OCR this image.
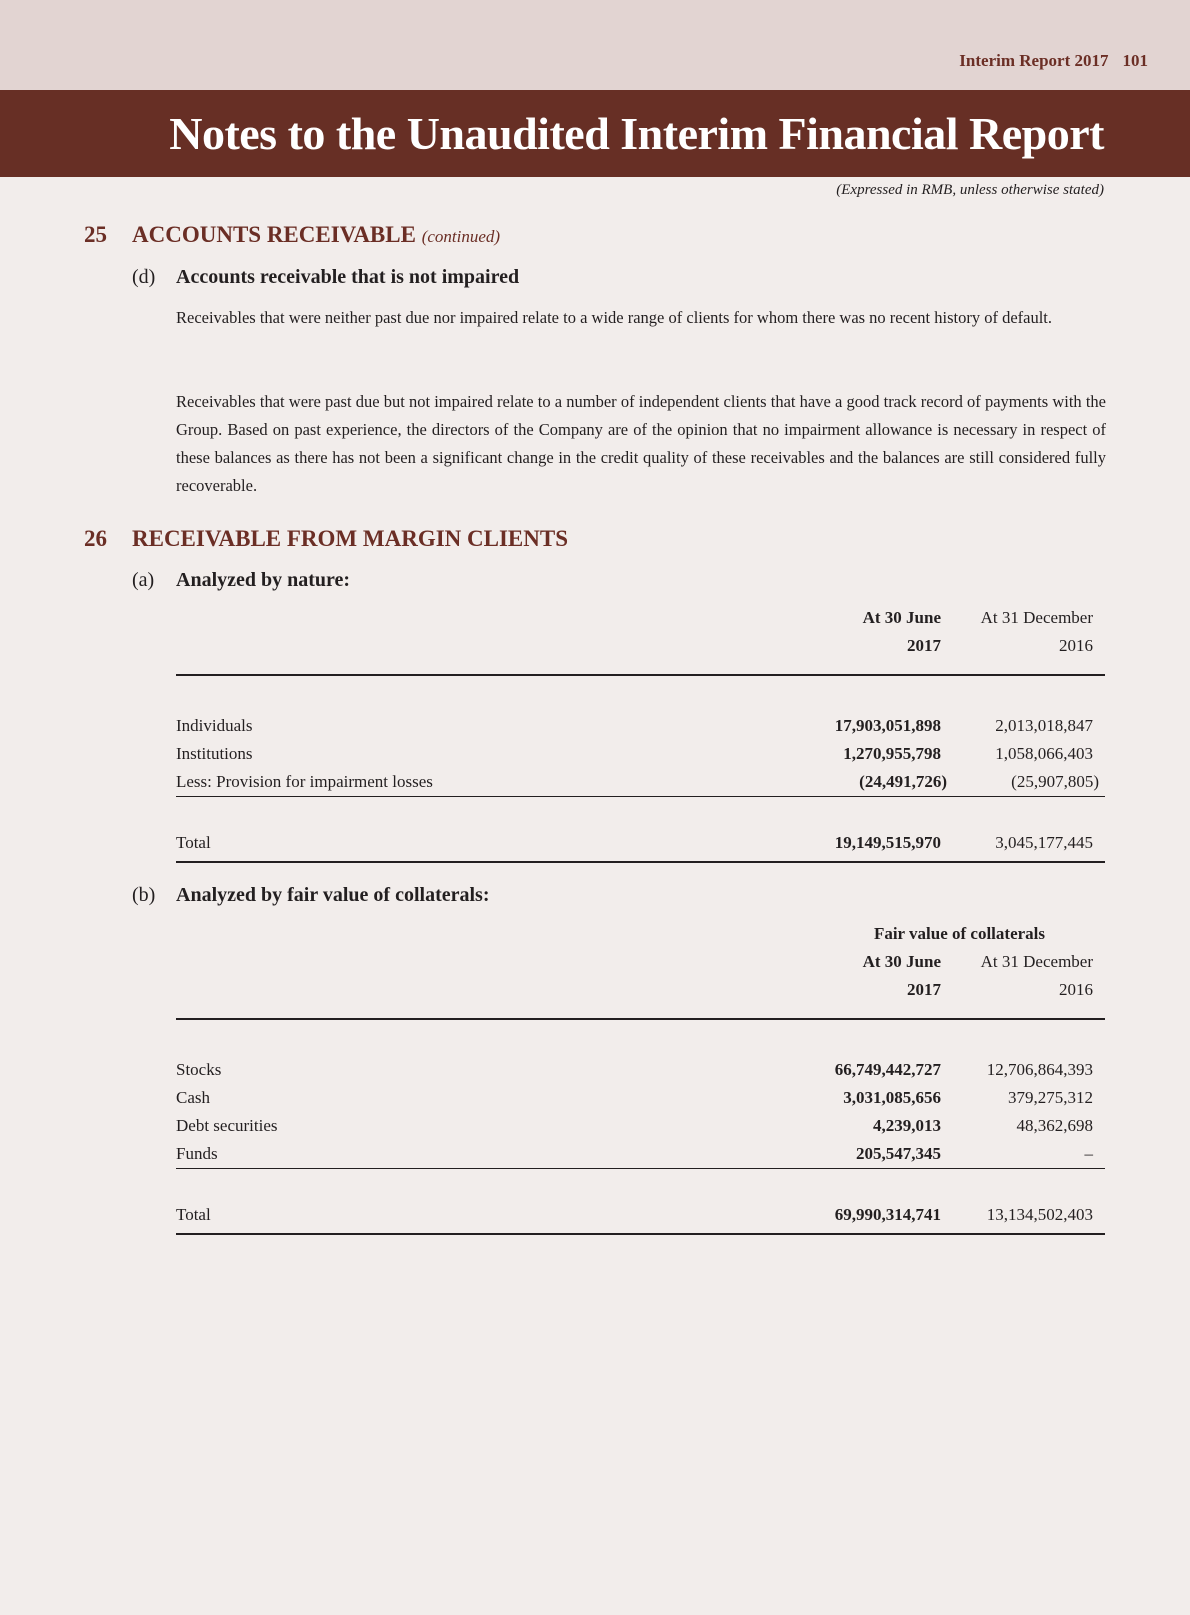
Interim Report 2017 101
Notes to the Unaudited Interim Financial Report
(Expressed in RMB, unless otherwise stated)
25 ACCOUNTS RECEIVABLE (continued)
(d) Accounts receivable that is not impaired
Receivables that were neither past due nor impaired relate to a wide range of clients for whom there was no recent history of default.
Receivables that were past due but not impaired relate to a number of independent clients that have a good track record of payments with the Group. Based on past experience, the directors of the Company are of the opinion that no impairment allowance is necessary in respect of these balances as there has not been a significant change in the credit quality of these receivables and the balances are still considered fully recoverable.
26 RECEIVABLE FROM MARGIN CLIENTS
(a) Analyzed by nature:
At 30 June	At 31 December
2017	2016
Individuals	17,903,051,898	2,013,018,847
Institutions	1,270,955,798	1,058,066,403
Less: Provision for impairment losses	(24,491,726)	(25,907,805)
Total	19,149,515,970	3,045,177,445
(b) Analyzed by fair value of collaterals:
Fair value of collaterals
At 30 June	At 31 December
2017	2016
Stocks	66,749,442,727	12,706,864,393
Cash	3,031,085,656	379,275,312
Debt securities	4,239,013	48,362,698
Funds	205,547,345	–
Total	69,990,314,741	13,134,502,403
